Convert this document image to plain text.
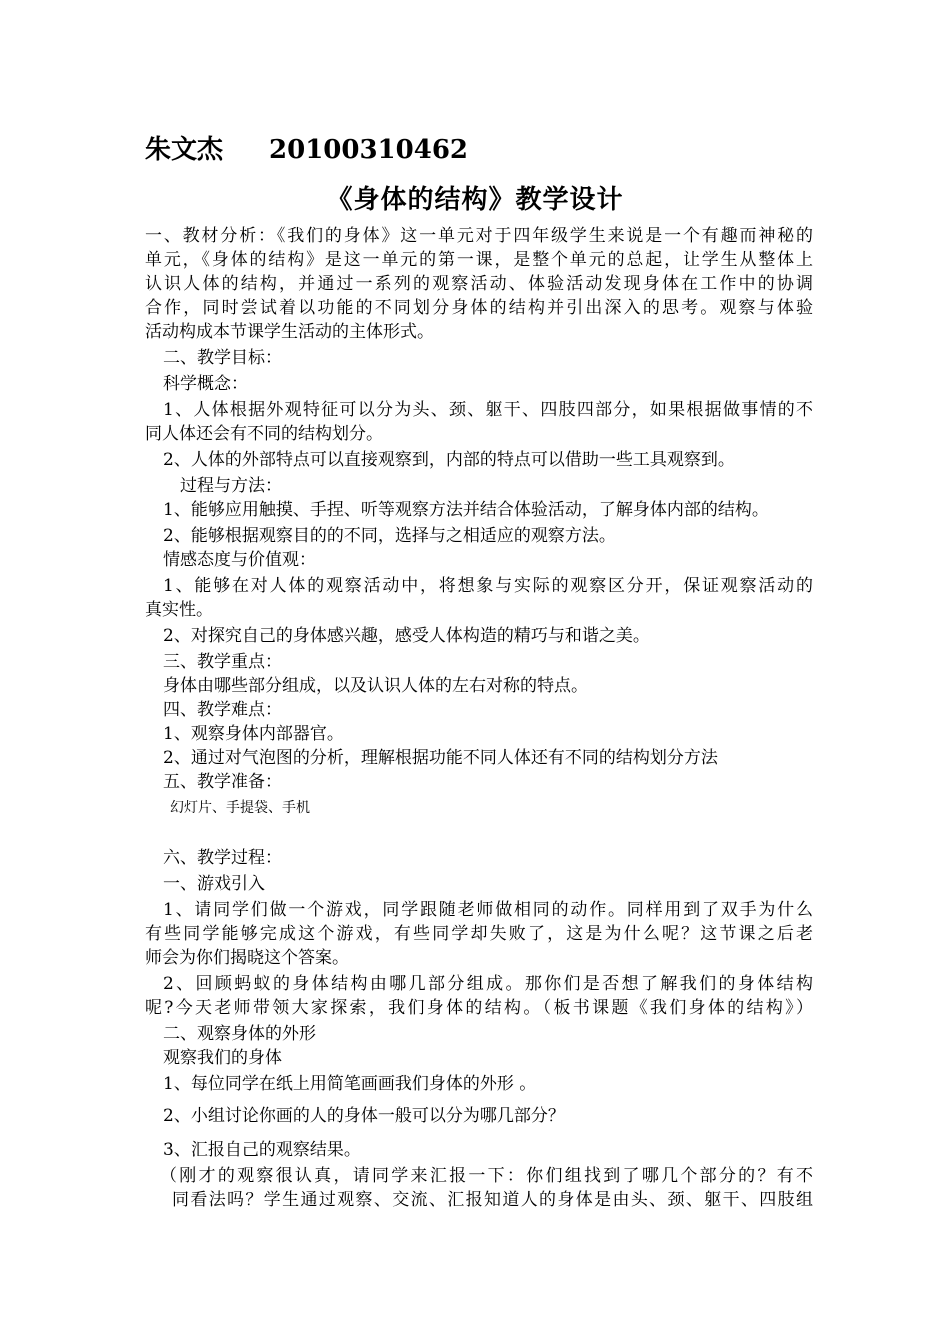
朱文杰 20100310462
《身体的结构》教学设计
一、教材分析：《我们的身体》这一单元对于四年级学生来说是一个有趣而神秘的
单元，《身体的结构》是这一单元的第一课，是整个单元的总起，让学生从整体上
认识人体的结构，并通过一系列的观察活动、体验活动发现身体在工作中的协调
合作，同时尝试着以功能的不同划分身体的结构并引出深入的思考。观察与体验
活动构成本节课学生活动的主体形式。
二、教学目标：
科学概念：
1、人体根据外观特征可以分为头、颈、躯干、四肢四部分，如果根据做事情的不
同人体还会有不同的结构划分。
2、人体的外部特点可以直接观察到，内部的特点可以借助一些工具观察到。
过程与方法：
1、能够应用触摸、手捏、听等观察方法并结合体验活动，了解身体内部的结构。
2、能够根据观察目的的不同，选择与之相适应的观察方法。
情感态度与价值观：
1、能够在对人体的观察活动中，将想象与实际的观察区分开，保证观察活动的
真实性。
2、对探究自己的身体感兴趣，感受人体构造的精巧与和谐之美。
三、教学重点：
身体由哪些部分组成，以及认识人体的左右对称的特点。
四、教学难点：
1、观察身体内部器官。
2、通过对气泡图的分析，理解根据功能不同人体还有不同的结构划分方法
五、教学准备：
幻灯片、手提袋、手机
六、教学过程：
一、游戏引入
1、请同学们做一个游戏，同学跟随老师做相同的动作。同样用到了双手为什么
有些同学能够完成这个游戏，有些同学却失败了，这是为什么呢？这节课之后老
师会为你们揭晓这个答案。
2、回顾蚂蚁的身体结构由哪几部分组成。那你们是否想了解我们的身体结构
呢?今天老师带领大家探索，我们身体的结构。（板书课题《我们身体的结构》）
二、观察身体的外形
观察我们的身体
1、每位同学在纸上用简笔画画我们身体的外形 。
2、小组讨论你画的人的身体一般可以分为哪几部分？
3、汇报自己的观察结果。
（刚才的观察很认真，请同学来汇报一下：你们组找到了哪几个部分的？有不
同看法吗？学生通过观察、交流、汇报知道人的身体是由头、颈、躯干、四肢组
